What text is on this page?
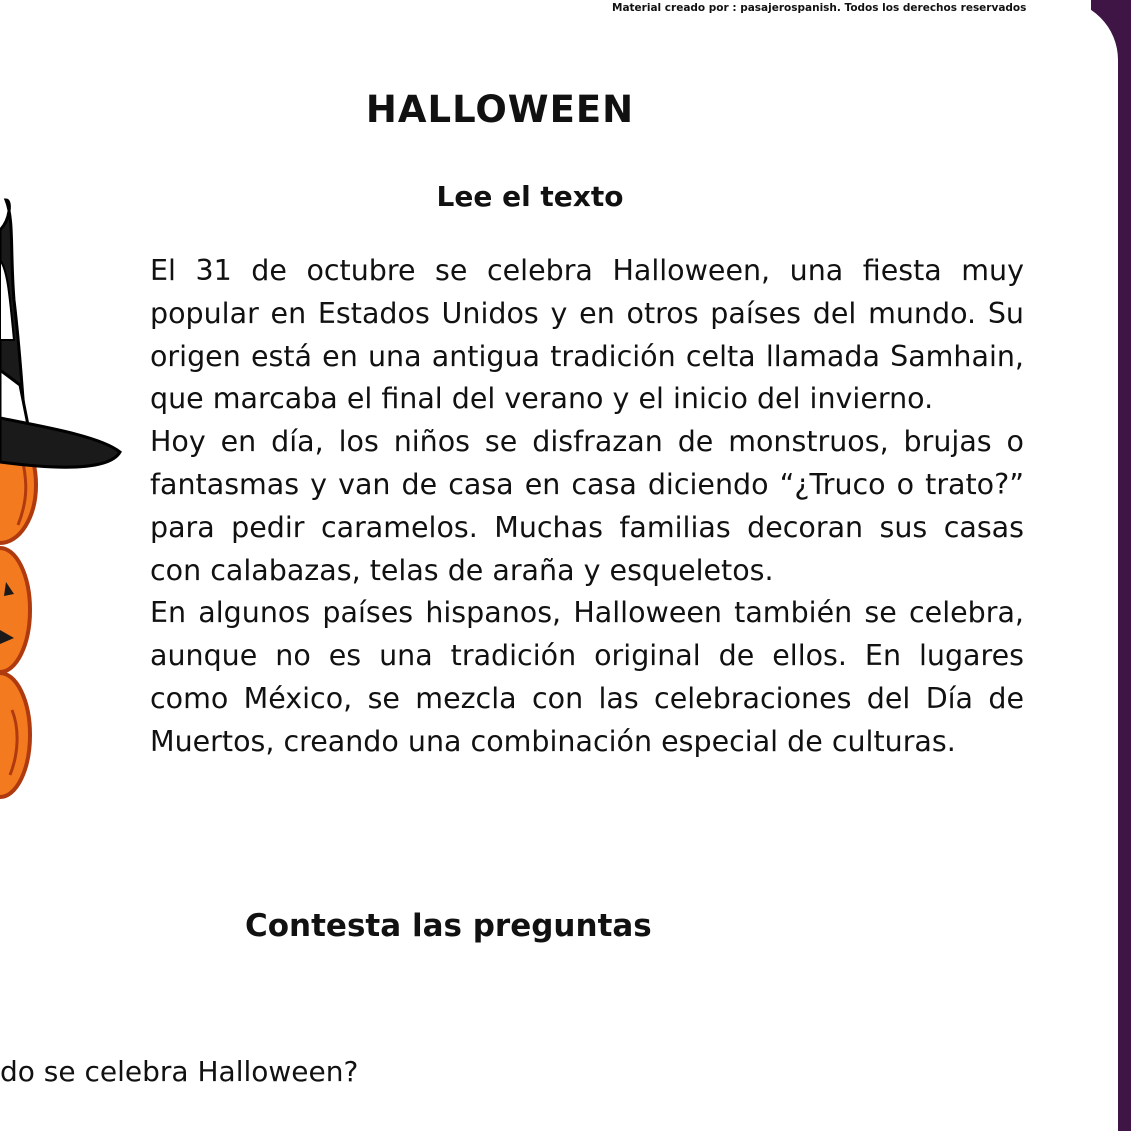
Material creado por : pasajerospanish. Todos los derechos reservados
HALLOWEEN
Lee el texto

El 31 de octubre se celebra Halloween, una fiesta muy popular en Estados Unidos y en otros países del mundo. Su origen está en una antigua tradición celta llamada Samhain, que marcaba el final del verano y el inicio del invierno.

Hoy en día, los niños se disfrazan de monstruos, brujas o fantasmas y van de casa en casa diciendo “¿Truco o trato?” para pedir caramelos. Muchas familias decoran sus casas con calabazas, telas de araña y esqueletos.

En algunos países hispanos, Halloween también se celebra, aunque no es una tradición original de ellos. En lugares como México, se mezcla con las celebraciones del Día de Muertos, creando una combinación especial de culturas.

Contesta las preguntas
do se celebra Halloween?
